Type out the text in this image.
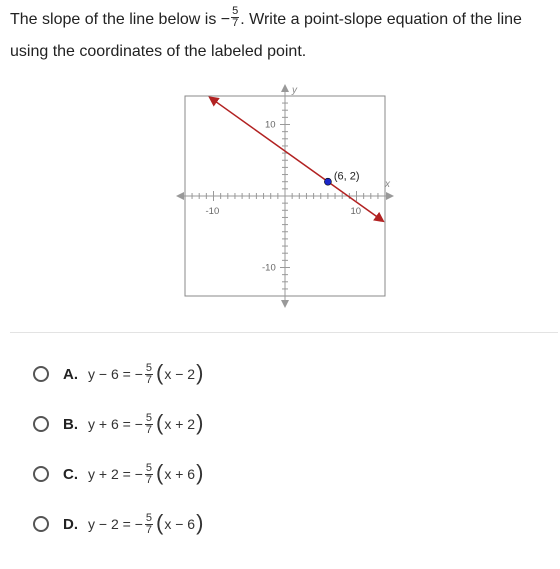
The slope of the line below is − $\frac{5}{7}$ . Write a point-slope equation of the line using the coordinates of the labeled point.
(6, 2)
x
y
-10	10
10
-10
A. y − 6 = − $\frac{5}{7}$ ( x − 2 )
B. y + 6 = − $\frac{5}{7}$ ( x + 2 )
C. y + 2 = − $\frac{5}{7}$ ( x + 6 )
D. y − 2 = − $\frac{5}{7}$ ( x − 6 )
